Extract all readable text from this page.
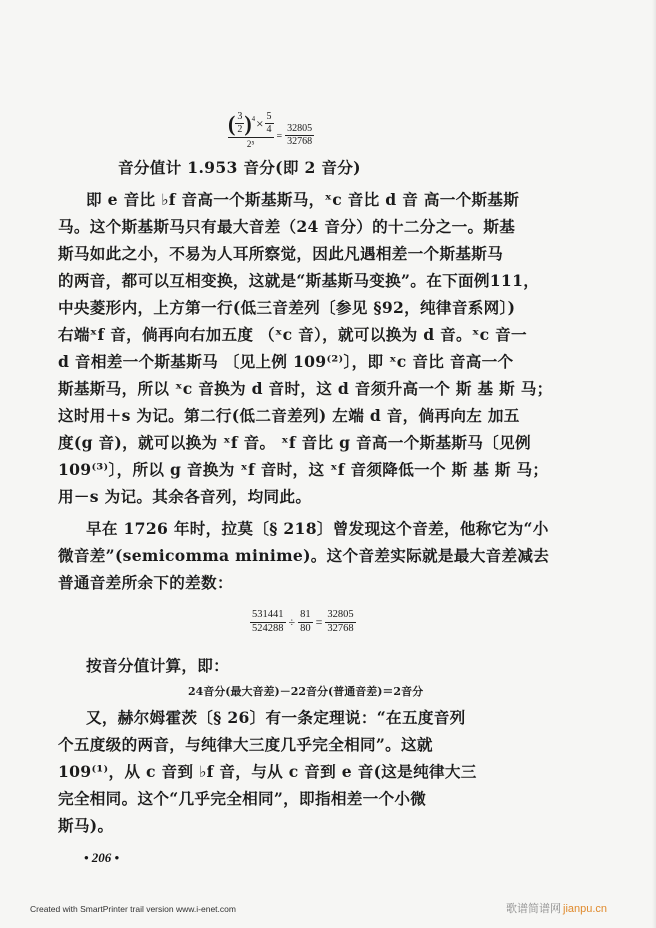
( $\frac{3}{2}$ ) $4 \times \frac{5}{4}$
2⁵
= $\frac{32805}{32768}$
音分值计 1.953 音分(即 2 音分)
即 e 音比 ♭f 音高一个斯基斯马，ˣc 音比 d 音 高一个斯基斯
马。这个斯基斯马只有最大音差（24 音分）的十二分之一。斯基
斯马如此之小，不易为人耳所察觉，因此凡遇相差一个斯基斯马
的两音，都可以互相变换，这就是“斯基斯马变换”。在下面例111，
中央菱形内，上方第一行(低三音差列〔参见 §92，纯律音系网〕)
右端ˣf 音，倘再向右加五度 （ˣc 音），就可以换为 d 音。ˣc 音一
d 音相差一个斯基斯马 〔见上例 109⁽²⁾〕，即 ˣc 音比 音高一个
斯基斯马，所以 ˣc 音换为 d 音时，这 d 音须升高一个 斯 基 斯 马；
这时用＋s 为记。第二行(低二音差列) 左端 d 音，倘再向左 加五
度(g 音)，就可以换为 ˣf 音。 ˣf 音比 g 音高一个斯基斯马〔见例
109⁽³⁾〕，所以 g 音换为 ˣf 音时，这 ˣf 音须降低一个 斯 基 斯 马；
用－s 为记。其余各音列，均同此。
早在 1726 年时，拉莫〔§ 218〕曾发现这个音差，他称它为“小
微音差”(semicomma minime)。这个音差实际就是最大音差减去
普通音差所余下的差数：
$\frac{531441}{524288} \div \frac{81}{80} = \frac{32805}{32768}$
按音分值计算，即：
24音分(最大音差)－22音分(普通音差)＝2音分
又，赫尔姆霍茨〔§ 26〕有一条定理说：“在五度音列
个五度级的两音，与纯律大三度几乎完全相同”。这就
109⁽¹⁾，从 c 音到 ♭f 音，与从 c 音到 e 音(这是纯律大三
完全相同。这个“几乎完全相同”，即指相差一个小微
斯马)。
• 206 •
Created with SmartPrinter trail version www.i-enet.com	歌谱简谱网 jianpu.cn
